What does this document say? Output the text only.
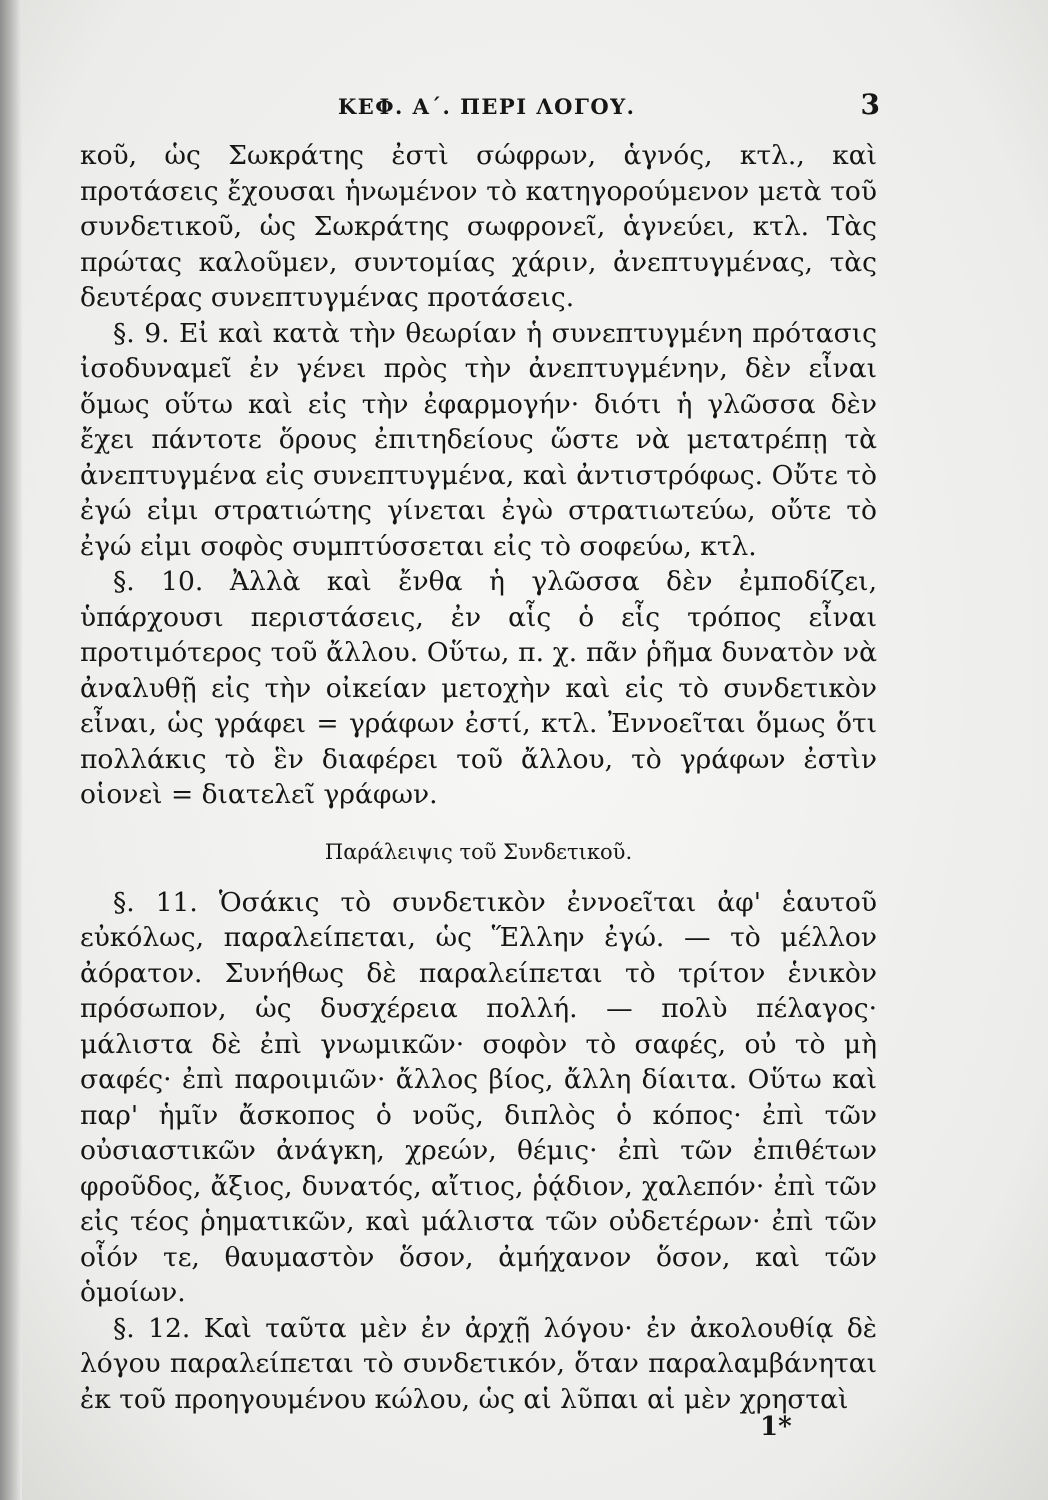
ΚΕΦ. Α΄. ΠΕΡΙ ΛΟΓΟΥ.	3

κοῦ, ὡς Σωκράτης ἐστὶ σώφρων, ἁγνός, κτλ., καὶ προτάσεις ἔχουσαι ἡνωμένον τὸ κατηγορούμενον μετὰ τοῦ συνδετικοῦ, ὡς Σωκράτης σωφρονεῖ, ἁγνεύει, κτλ. Τὰς πρώτας καλοῦμεν, συντομίας χάριν, ἀνεπτυγμένας, τὰς δευτέρας συνεπτυγμένας προτάσεις.

§. 9. Εἰ καὶ κατὰ τὴν θεωρίαν ἡ συνεπτυγμένη πρότασις ἰσοδυναμεῖ ἐν γένει πρὸς τὴν ἀνεπτυγμένην, δὲν εἶναι ὅμως οὕτω καὶ εἰς τὴν ἐφαρμογήν· διότι ἡ γλῶσσα δὲν ἔχει πάντοτε ὅρους ἐπιτηδείους ὥστε νὰ μετατρέπῃ τὰ ἀνεπτυγμένα εἰς συνεπτυγμένα, καὶ ἀντιστρόφως. Οὔτε τὸ ἐγώ εἰμι στρατιώτης γίνεται ἐγὼ στρατιωτεύω, οὔτε τὸ ἐγώ εἰμι σοφὸς συμπτύσσεται εἰς τὸ σοφεύω, κτλ.

§. 10. Ἀλλὰ καὶ ἔνθα ἡ γλῶσσα δὲν ἐμποδίζει, ὑπάρχουσι περιστάσεις, ἐν αἷς ὁ εἷς τρόπος εἶναι προτιμότερος τοῦ ἄλλου. Οὕτω, π. χ. πᾶν ῥῆμα δυνατὸν νὰ ἀναλυθῇ εἰς τὴν οἰκείαν μετοχὴν καὶ εἰς τὸ συνδετικὸν εἶναι, ὡς γράφει = γράφων ἐστί, κτλ. Ἐννοεῖται ὅμως ὅτι πολλάκις τὸ ἓν διαφέρει τοῦ ἄλλου, τὸ γράφων ἐστὶν οἱονεὶ = διατελεῖ γράφων.

Παράλειψις τοῦ Συνδετικοῦ.

§. 11. Ὁσάκις τὸ συνδετικὸν ἐννοεῖται ἀφ' ἑαυτοῦ εὐκόλως, παραλείπεται, ὡς Ἕλλην ἐγώ. — τὸ μέλλον ἀόρατον. Συνήθως δὲ παραλείπεται τὸ τρίτον ἑνικὸν πρόσωπον, ὡς δυσχέρεια πολλή. — πολὺ πέλαγος· μάλιστα δὲ ἐπὶ γνωμικῶν· σοφὸν τὸ σαφές, οὐ τὸ μὴ σαφές· ἐπὶ παροιμιῶν· ἄλλος βίος, ἄλλη δίαιτα. Οὕτω καὶ παρ' ἡμῖν ἄσκοπος ὁ νοῦς, διπλὸς ὁ κόπος· ἐπὶ τῶν οὐσιαστικῶν ἀνάγκη, χρεών, θέμις· ἐπὶ τῶν ἐπιθέτων φροῦδος, ἄξιος, δυνατός, αἴτιος, ῥᾴδιον, χαλεπόν· ἐπὶ τῶν εἰς τέος ῥηματικῶν, καὶ μάλιστα τῶν οὐδετέρων· ἐπὶ τῶν οἷόν τε, θαυμαστὸν ὅσον, ἀμήχανον ὅσον, καὶ τῶν ὁμοίων.

§. 12. Καὶ ταῦτα μὲν ἐν ἀρχῇ λόγου· ἐν ἀκολουθίᾳ δὲ λόγου παραλείπεται τὸ συνδετικόν, ὅταν παραλαμβάνηται ἐκ τοῦ προηγουμένου κώλου, ὡς αἱ λῦπαι αἱ μὲν χρησταὶ

1*
